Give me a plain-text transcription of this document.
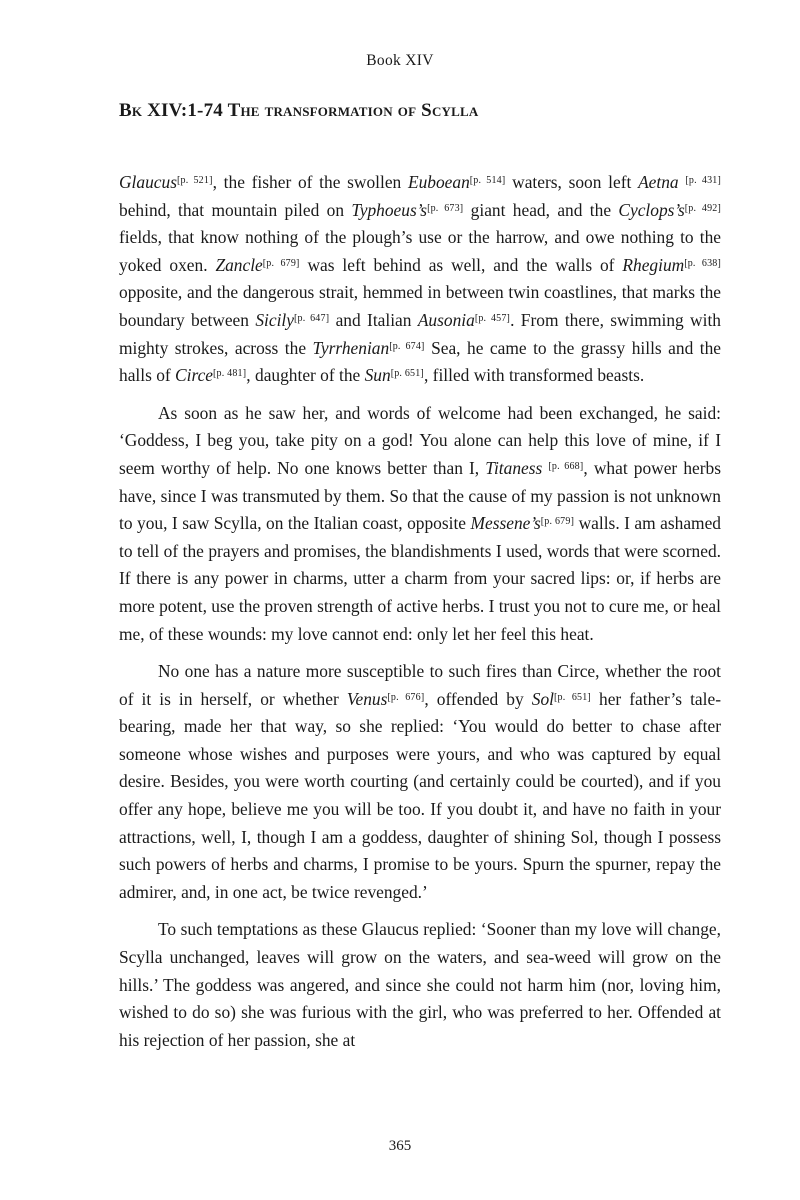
Book XIV
Bk XIV:1-74 The transformation of Scylla

Glaucus[p. 521], the fisher of the swollen Euboean[p. 514] waters, soon left Aetna [p. 431] behind, that mountain piled on Typhoeus’s[p. 673] giant head, and the Cyclops’s[p. 492] fields, that know nothing of the plough’s use or the harrow, and owe nothing to the yoked oxen. Zancle[p. 679] was left behind as well, and the walls of Rhegium[p. 638] opposite, and the dangerous strait, hemmed in between twin coastlines, that marks the boundary between Sicily[p. 647] and Italian Ausonia[p. 457]. From there, swimming with mighty strokes, across the Tyrrhenian[p. 674] Sea, he came to the grassy hills and the halls of Circe[p. 481], daughter of the Sun[p. 651], filled with transformed beasts.

As soon as he saw her, and words of welcome had been exchanged, he said: ‘Goddess, I beg you, take pity on a god! You alone can help this love of mine, if I seem worthy of help. No one knows better than I, Titaness [p. 668], what power herbs have, since I was transmuted by them. So that the cause of my passion is not unknown to you, I saw Scylla, on the Italian coast, opposite Messene’s[p. 679] walls. I am ashamed to tell of the prayers and promises, the blandishments I used, words that were scorned. If there is any power in charms, utter a charm from your sacred lips: or, if herbs are more potent, use the proven strength of active herbs. I trust you not to cure me, or heal me, of these wounds: my love cannot end: only let her feel this heat.

No one has a nature more susceptible to such fires than Circe, whether the root of it is in herself, or whether Venus[p. 676], offended by Sol[p. 651] her father’s tale-bearing, made her that way, so she replied: ‘You would do better to chase after someone whose wishes and purposes were yours, and who was captured by equal desire. Besides, you were worth courting (and certainly could be courted), and if you offer any hope, believe me you will be too. If you doubt it, and have no faith in your attractions, well, I, though I am a goddess, daughter of shining Sol, though I possess such powers of herbs and charms, I promise to be yours. Spurn the spurner, repay the admirer, and, in one act, be twice revenged.’

To such temptations as these Glaucus replied: ‘Sooner than my love will change, Scylla unchanged, leaves will grow on the waters, and sea-weed will grow on the hills.’ The goddess was angered, and since she could not harm him (nor, loving him, wished to do so) she was furious with the girl, who was preferred to her. Offended at his rejection of her passion, she at

365
